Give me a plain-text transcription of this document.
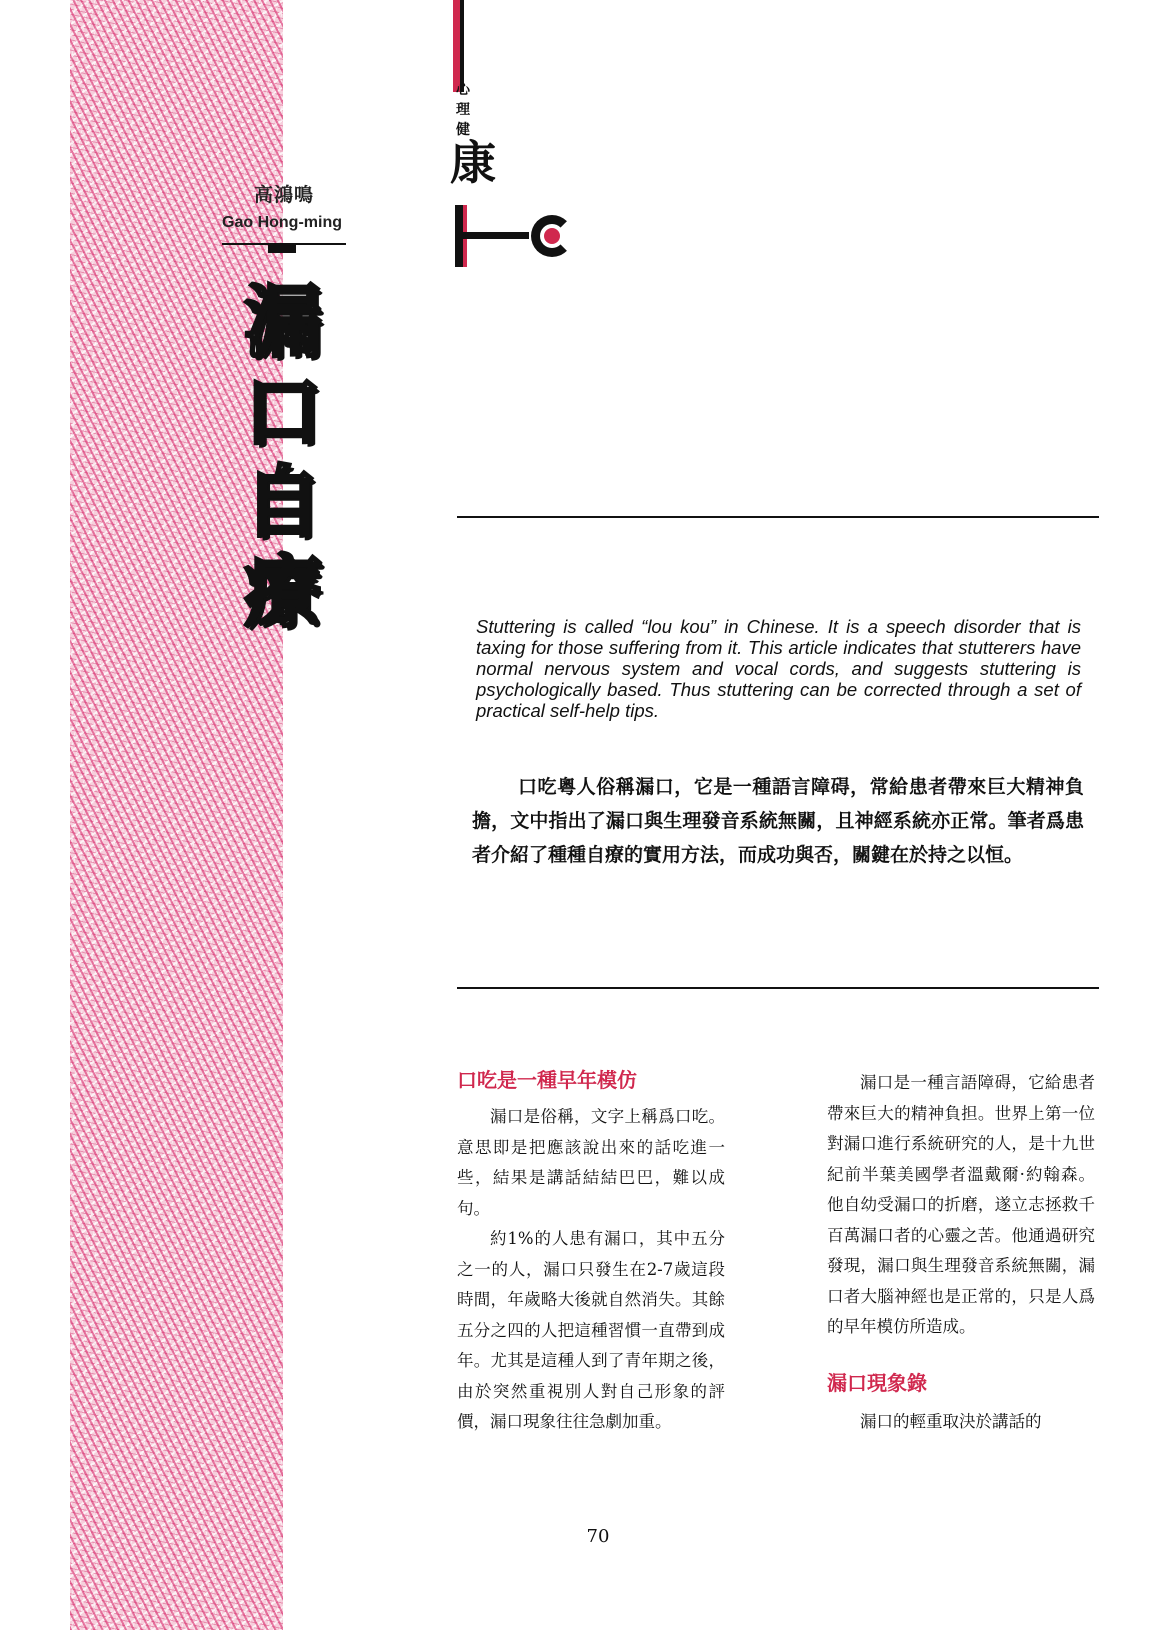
高鴻鳴
Gao Hong-ming
漏口自療
心理健
康
Stuttering is called “lou kou” in Chinese. It is a speech disorder that is taxing for those suffering from it. This article indicates that stutterers have normal nervous system and vocal cords, and suggests stuttering is psychologically based. Thus stuttering can be corrected through a set of practical self-help tips.
口吃粵人俗稱漏口，它是一種語言障碍，常給患者帶來巨大精神負擔，文中指出了漏口與生理發音系統無關，且神經系統亦正常。筆者爲患者介紹了種種自療的實用方法，而成功與否，關鍵在於持之以恒。
口吃是一種早年模仿

漏口是俗稱，文字上稱爲口吃。意思即是把應該說出來的話吃進一些，結果是講話結結巴巴，難以成句。

約1%的人患有漏口，其中五分之一的人，漏口只發生在2-7歲這段時間，年歲略大後就自然消失。其餘五分之四的人把這種習慣一直帶到成年。尤其是這種人到了青年期之後，由於突然重視別人對自己形象的評價，漏口現象往往急劇加重。

漏口是一種言語障碍，它給患者帶來巨大的精神負担。世界上第一位對漏口進行系統研究的人，是十九世紀前半葉美國學者溫戴爾·約翰森。他自幼受漏口的折磨，遂立志拯救千百萬漏口者的心靈之苦。他通過研究發現，漏口與生理發音系統無關，漏口者大腦神經也是正常的，只是人爲的早年模仿所造成。

漏口現象錄

漏口的輕重取決於講話的

70
